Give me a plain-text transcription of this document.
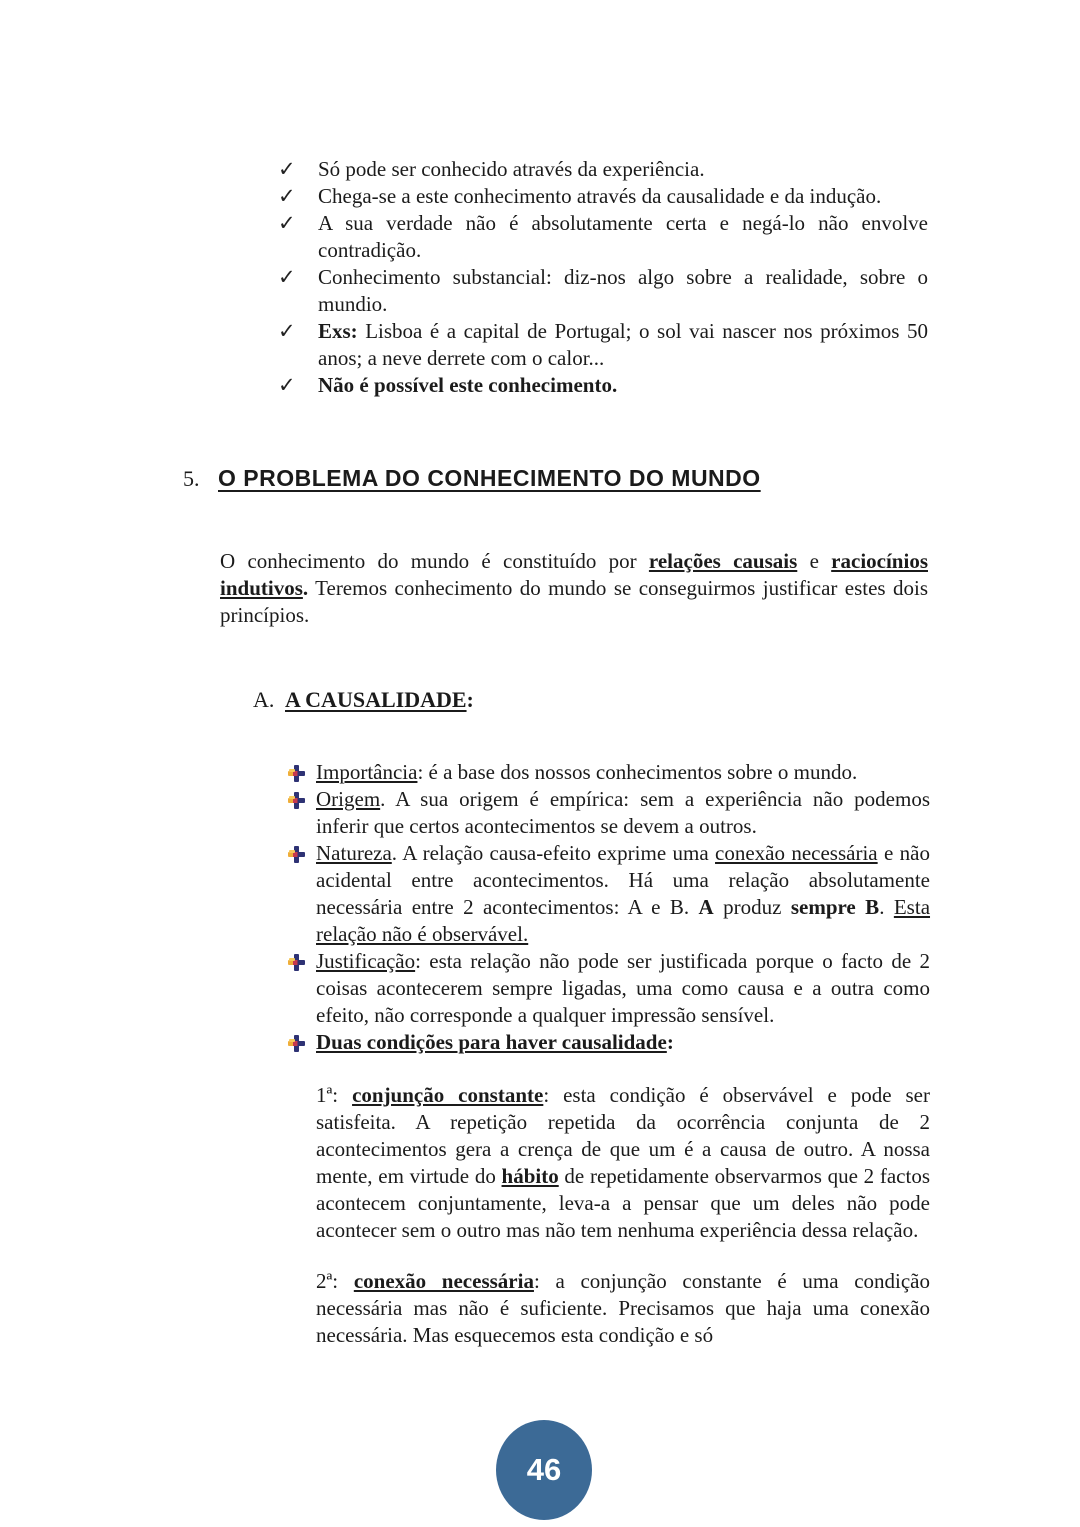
✓	Só pode ser conhecido através da experiência.
✓	Chega-se a este conhecimento através da causalidade e da indução.
✓	A sua verdade não é absolutamente certa e negá-lo não envolve contradição.
✓	Conhecimento substancial: diz-nos algo sobre a realidade, sobre o mundio.
✓	Exs: Lisboa é a capital de Portugal; o sol vai nascer nos próximos 50 anos; a neve derrete com o calor...
✓	Não é possível este conhecimento.
5. O PROBLEMA DO CONHECIMENTO DO MUNDO

O conhecimento do mundo é constituído por relações causais e raciocínios indutivos. Teremos conhecimento do mundo se conseguirmos justificar estes dois princípios.

A. A CAUSALIDADE:
Importância: é a base dos nossos conhecimentos sobre o mundo.
Origem. A sua origem é empírica: sem a experiência não podemos inferir que certos acontecimentos se devem a outros.
Natureza. A relação causa-efeito exprime uma conexão necessária e não acidental entre acontecimentos. Há uma relação absolutamente necessária entre 2 acontecimentos: A e B. A produz sempre B. Esta relação não é observável.
Justificação: esta relação não pode ser justificada porque o facto de 2 coisas acontecerem sempre ligadas, uma como causa e a outra como efeito, não corresponde a qualquer impressão sensível.
Duas condições para haver causalidade:

1ª: conjunção constante: esta condição é observável e pode ser satisfeita. A repetição repetida da ocorrência conjunta de 2 acontecimentos gera a crença de que um é a causa de outro. A nossa mente, em virtude do hábito de repetidamente observarmos que 2 factos acontecem conjuntamente, leva-a a pensar que um deles não pode acontecer sem o outro mas não tem nenhuma experiência dessa relação.

2ª: conexão necessária: a conjunção constante é uma condição necessária mas não é suficiente. Precisamos que haja uma conexão necessária. Mas esquecemos esta condição e só

46
